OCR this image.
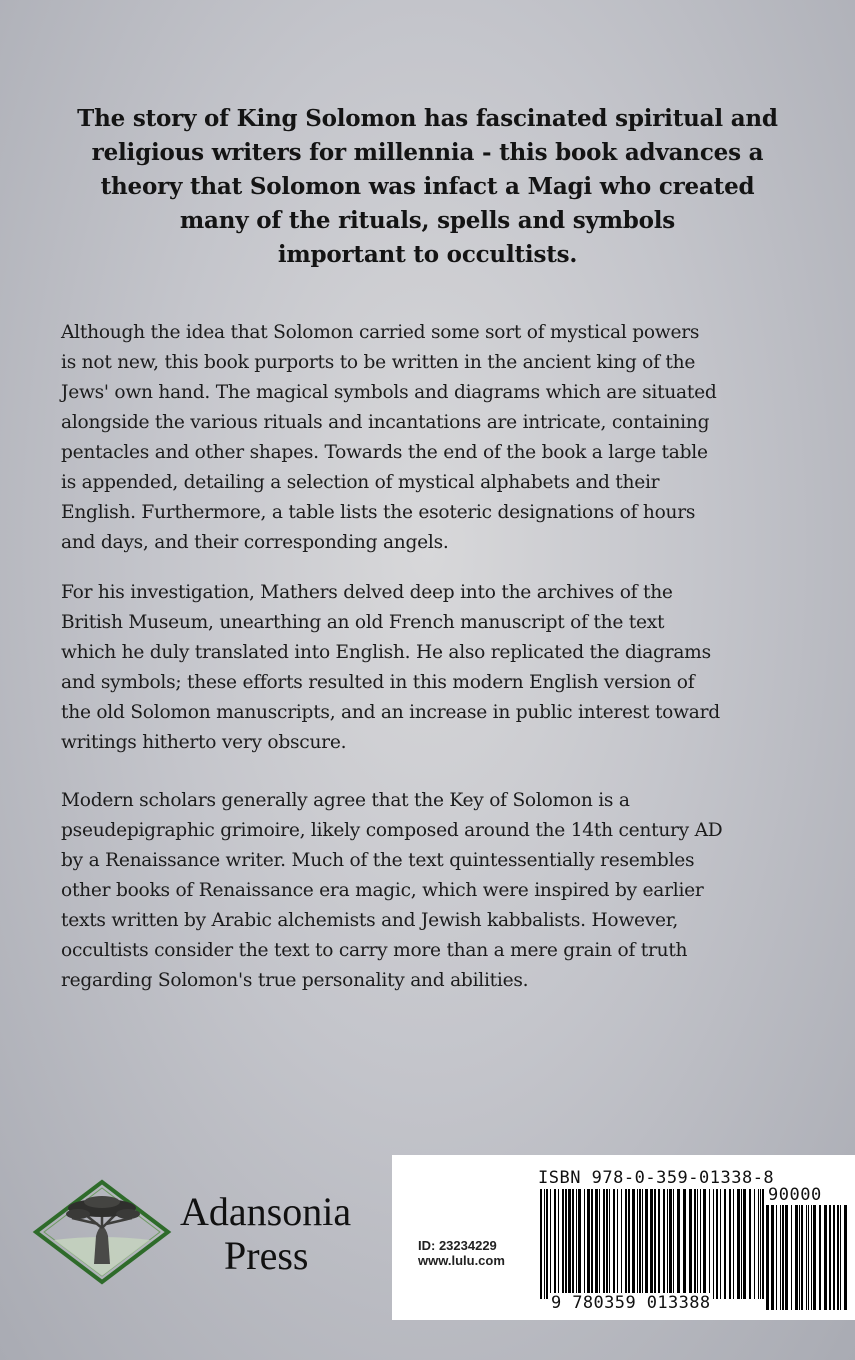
The story of King Solomon has fascinated spiritual and
religious writers for millennia - this book advances a
theory that Solomon was infact a Magi who created
many of the rituals, spells and symbols
important to occultists.
Although the idea that Solomon carried some sort of mystical powers
is not new, this book purports to be written in the ancient king of the
Jews' own hand. The magical symbols and diagrams which are situated
alongside the various rituals and incantations are intricate, containing
pentacles and other shapes. Towards the end of the book a large table
is appended, detailing a selection of mystical alphabets and their
English. Furthermore, a table lists the esoteric designations of hours
and days, and their corresponding angels.
For his investigation, Mathers delved deep into the archives of the
British Museum, unearthing an old French manuscript of the text
which he duly translated into English. He also replicated the diagrams
and symbols; these efforts resulted in this modern English version of
the old Solomon manuscripts, and an increase in public interest toward
writings hitherto very obscure.
Modern scholars generally agree that the Key of Solomon is a
pseudepigraphic grimoire, likely composed around the 14th century AD
by a Renaissance writer. Much of the text quintessentially resembles
other books of Renaissance era magic, which were inspired by earlier
texts written by Arabic alchemists and Jewish kabbalists. However,
occultists consider the text to carry more than a mere grain of truth
regarding Solomon's true personality and abilities.
Adansonia
Press
ISBN 978-0-359-01338-8
90000
ID: 23234229
www.lulu.com
9 780359 013388
